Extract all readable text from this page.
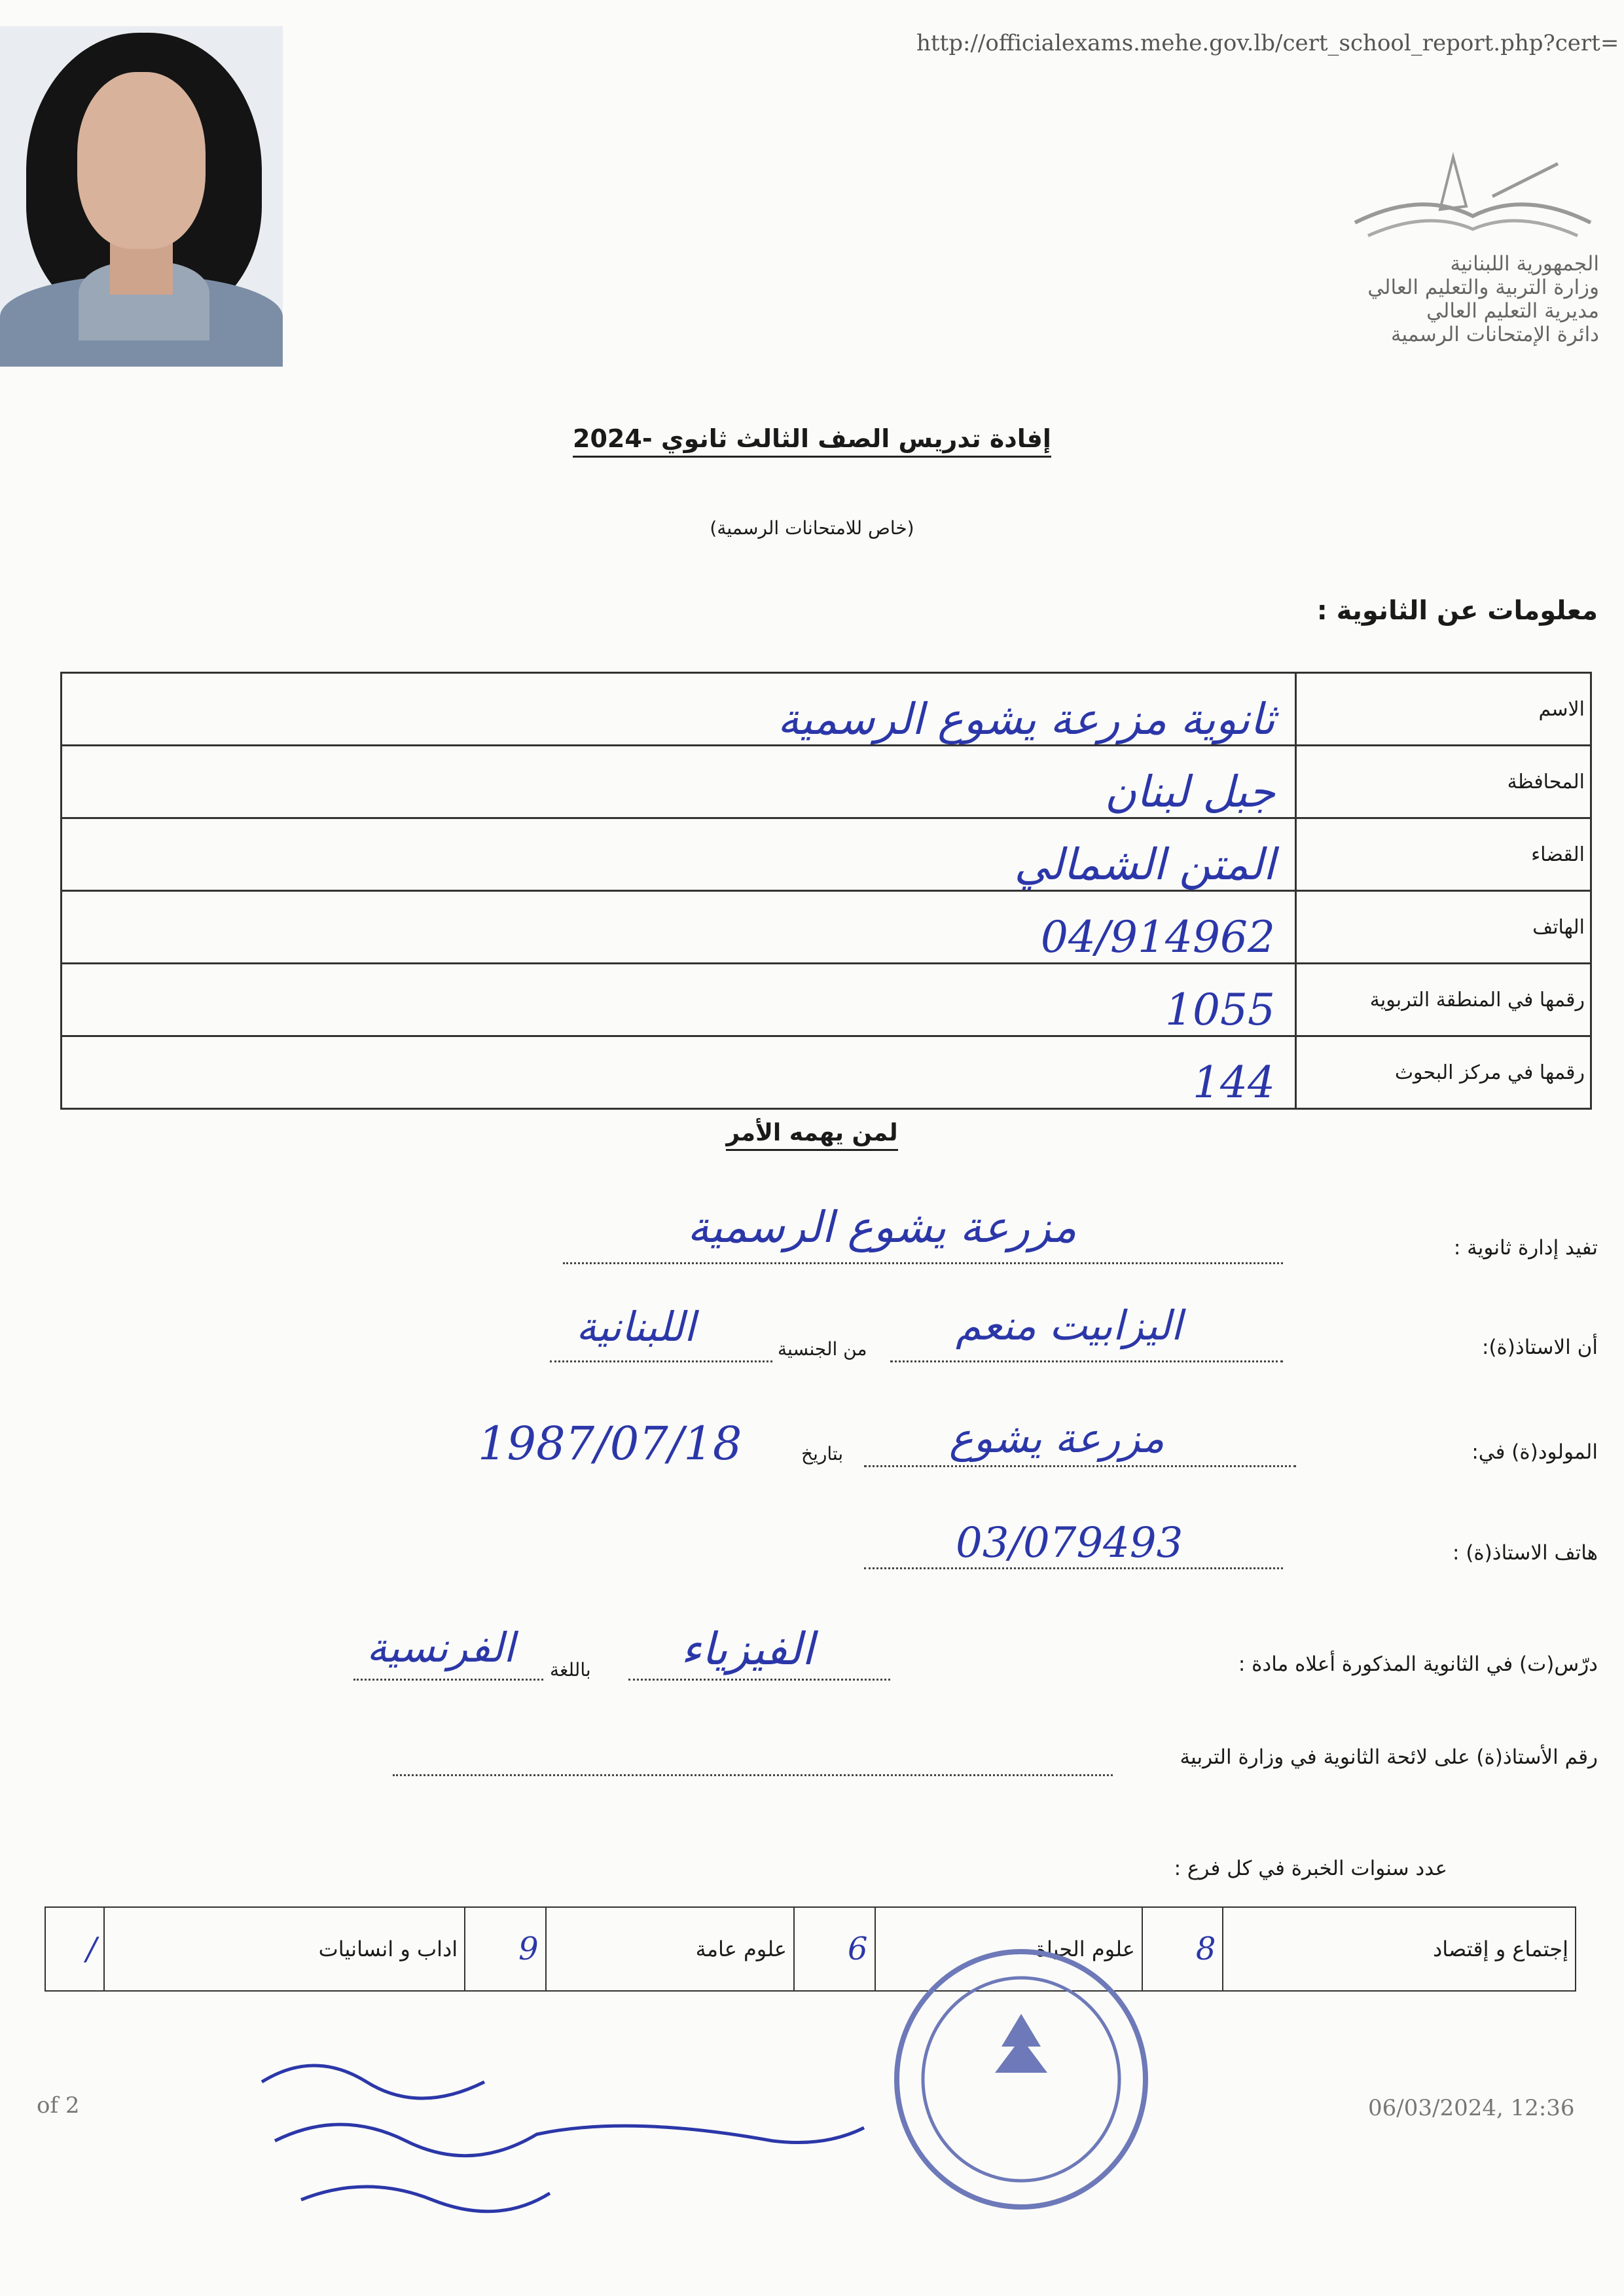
http://officialexams.mehe.gov.lb/cert_school_report.php?cert=
الجمهورية اللبنانية
وزارة التربية والتعليم العالي
مديرية التعليم العالي
دائرة الإمتحانات الرسمية
إفادة تدريس الصف الثالث ثانوي -2024
(خاص للامتحانات الرسمية)
معلومات عن الثانوية :
ثانوية مزرعة يشوع الرسمية	الاسم
جبل لبنان	المحافظة
المتن الشمالي	القضاء
04/914962	الهاتف
1055	رقمها في المنطقة التربوية
144	رقمها في مركز البحوث
لمن يهمه الأمر
تفيد إدارة ثانوية :
مزرعة يشوع الرسمية
أن الاستاذ(ة):
اليزابيت منعم
من الجنسية
اللبنانية
المولود(ة) في:
مزرعة يشوع
بتاريخ
1987/07/18
هاتف الاستاذ(ة) :
03/079493
درّس(ت) في الثانوية المذكورة أعلاه مادة :
الفيزياء
باللغة
الفرنسية
رقم الأستاذ(ة) على لائحة الثانوية في وزارة التربية
عدد سنوات الخبرة في كل فرع :
إجتماع و إقتصاد	8	علوم الحياة	6	علوم عامة	9	اداب و انسانيات	/
of 2	06/03/2024, 12:36
